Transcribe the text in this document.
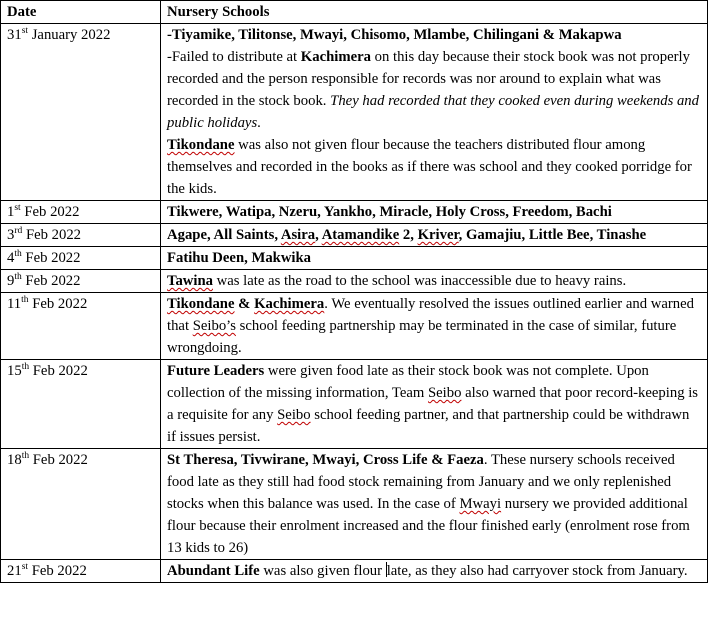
Date	Nursery Schools
31st January 2022	-Tiyamike, Tilitonse, Mwayi, Chisomo, Mlambe, Chilingani & Makapwa

-Failed to distribute at Kachimera on this day because their stock book was not properly recorded and the person responsible for records was nor around to explain what was recorded in the stock book. They had recorded that they cooked even during weekends and public holidays.

Tikondane was also not given flour because the teachers distributed flour among themselves and recorded in the books as if there was school and they cooked porridge for the kids.

1st Feb 2022	Tikwere, Watipa, Nzeru, Yankho, Miracle, Holy Cross, Freedom, Bachi
3rd Feb 2022	Agape, All Saints, Asira, Atamandike 2, Kriver, Gamajiu, Little Bee, Tinashe
4th Feb 2022	Fatihu Deen, Makwika
9th Feb 2022	Tawina was late as the road to the school was inaccessible due to heavy rains.
11th Feb 2022	Tikondane & Kachimera. We eventually resolved the issues outlined earlier and warned that Seibo’s school feeding partnership may be terminated in the case of similar, future wrongdoing.
15th Feb 2022	Future Leaders were given food late as their stock book was not complete. Upon collection of the missing information, Team Seibo also warned that poor record-keeping is a requisite for any Seibo school feeding partner, and that partnership could be withdrawn if issues persist.
18th Feb 2022	St Theresa, Tivwirane, Mwayi, Cross Life & Faeza. These nursery schools received food late as they still had food stock remaining from January and we only replenished stocks when this balance was used. In the case of Mwayi nursery we provided additional flour because their enrolment increased and the flour finished early (enrolment rose from 13 kids to 26)
21st Feb 2022	Abundant Life was also given flour late, as they also had carryover stock from January.
